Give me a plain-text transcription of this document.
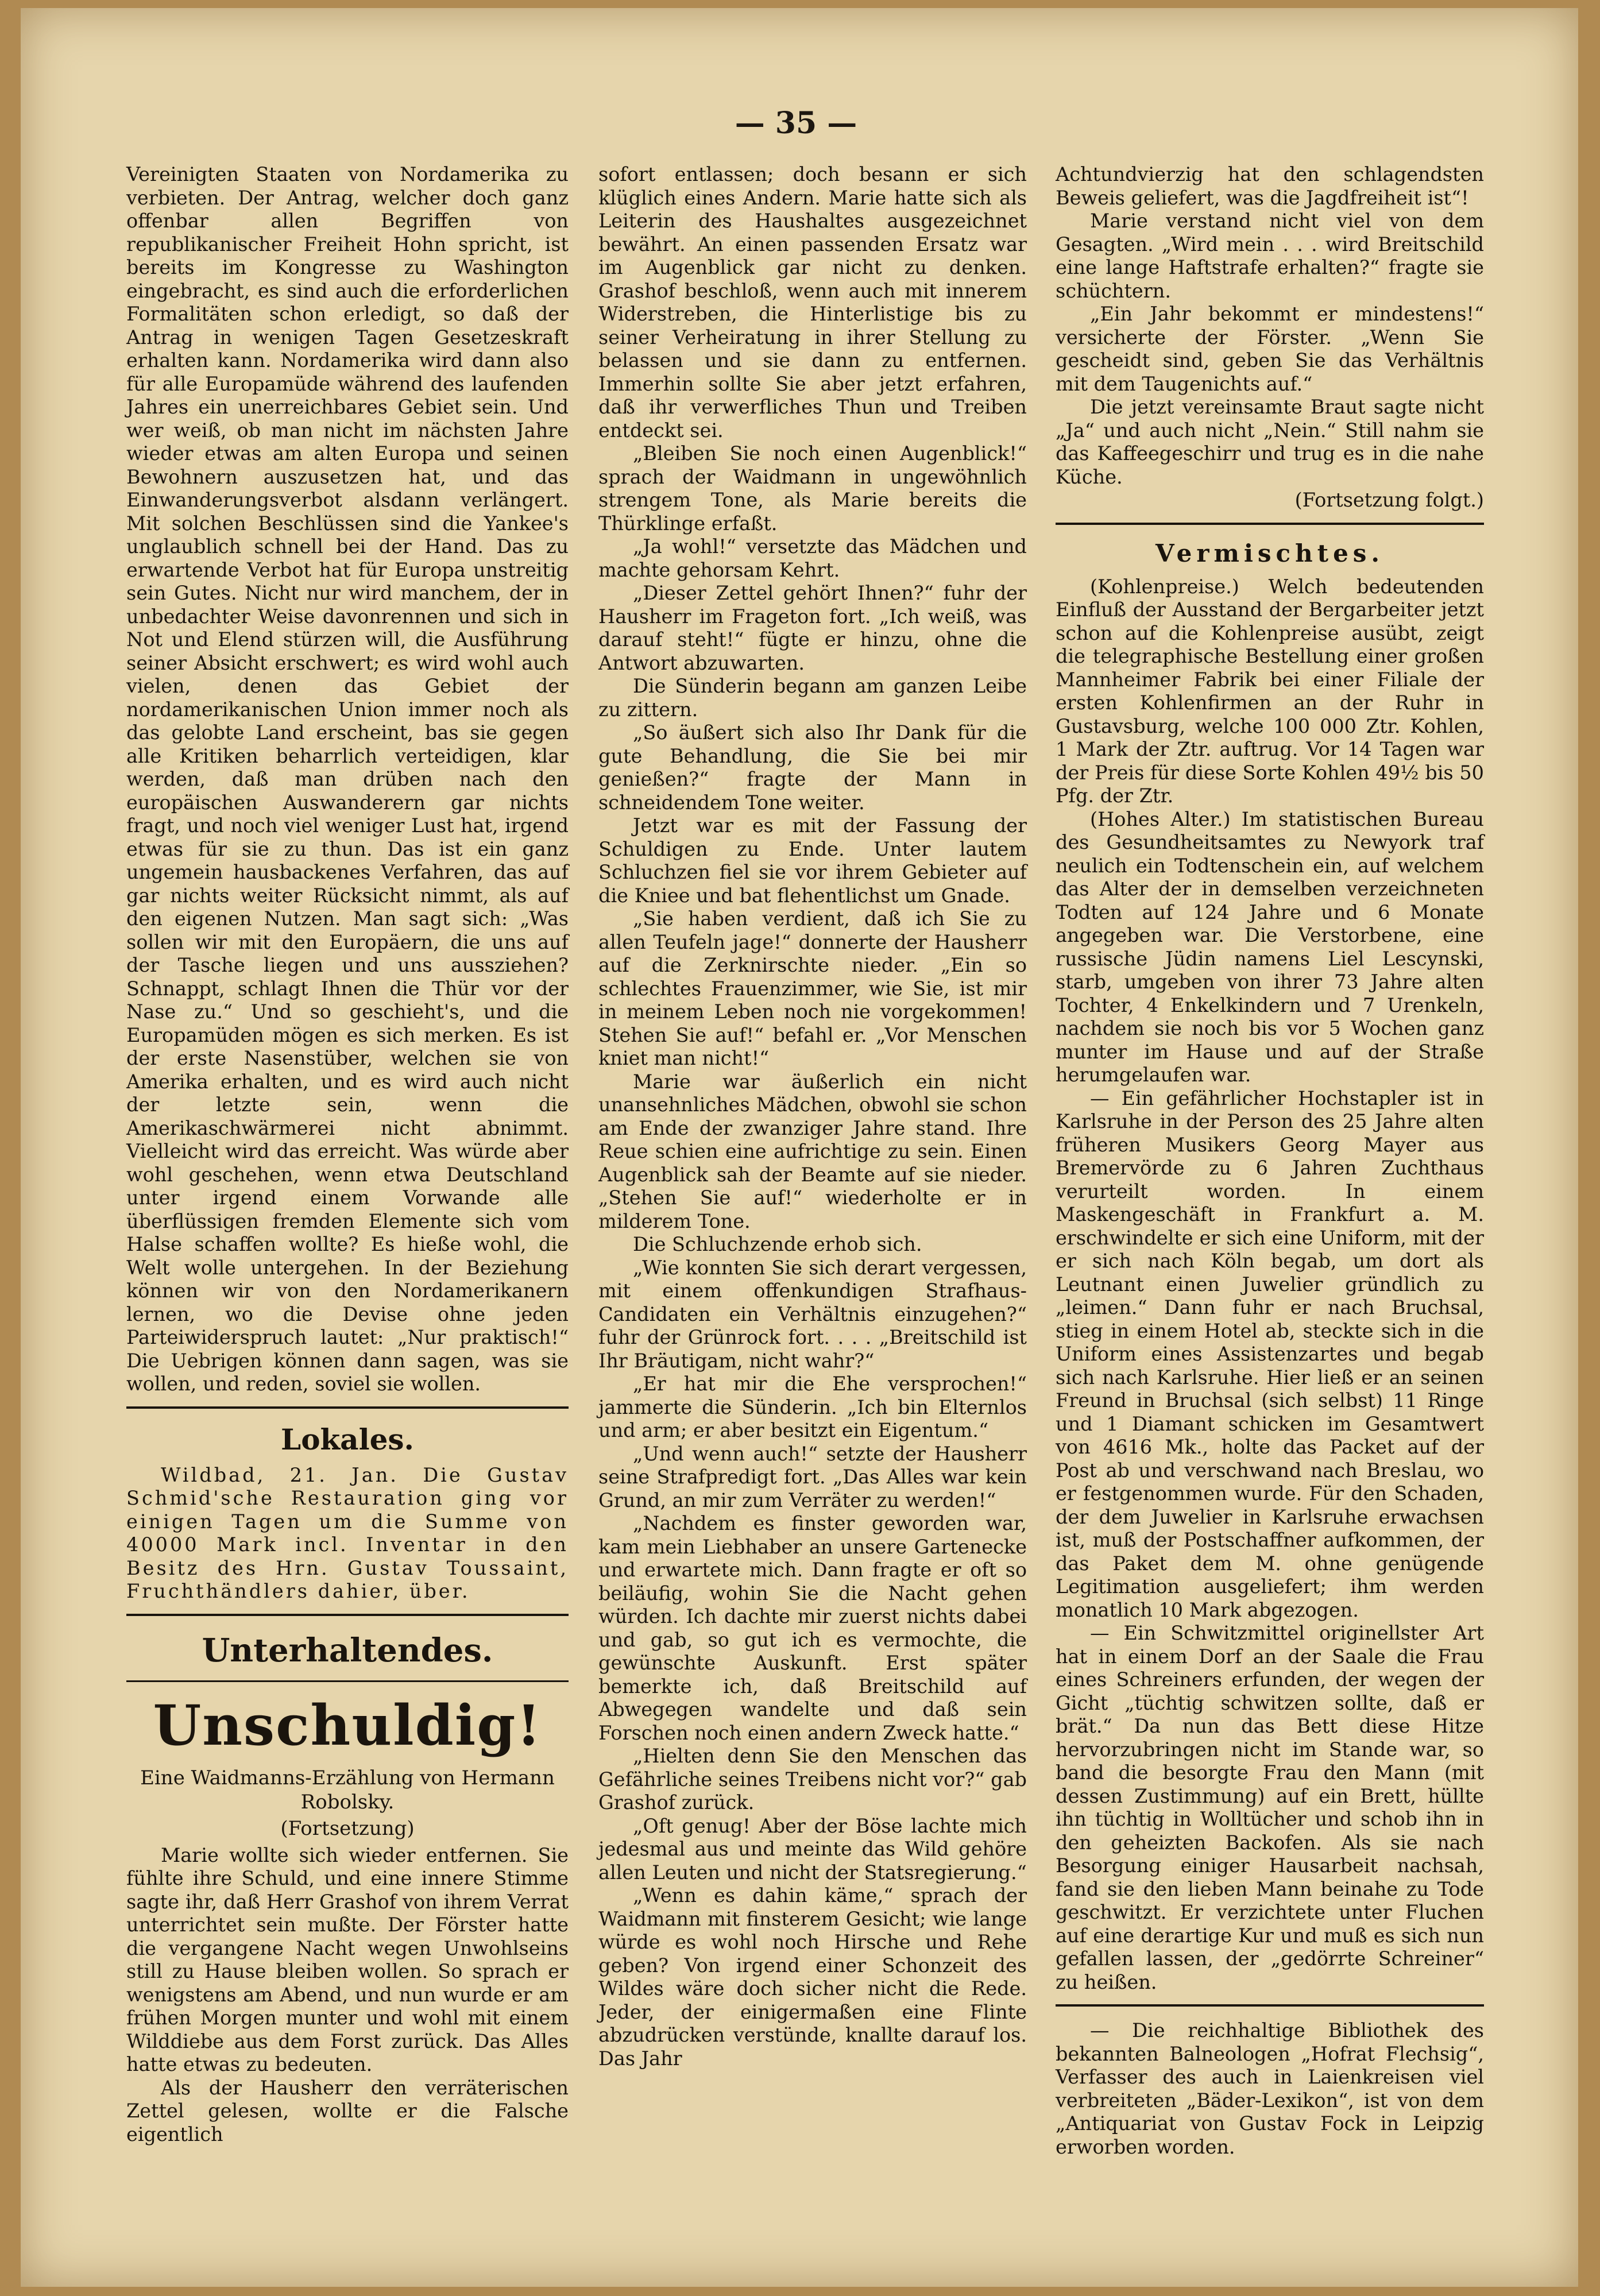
— 35 —

Vereinigten Staaten von Nordamerika zu verbieten. Der Antrag, welcher doch ganz offenbar allen Begriffen von republikanischer Freiheit Hohn spricht, ist bereits im Kongresse zu Washington eingebracht, es sind auch die erforderlichen Formalitäten schon erledigt, so daß der Antrag in wenigen Tagen Gesetzeskraft erhalten kann. Nordamerika wird dann also für alle Europamüde während des laufenden Jahres ein unerreichbares Gebiet sein. Und wer weiß, ob man nicht im nächsten Jahre wieder etwas am alten Europa und seinen Bewohnern auszusetzen hat, und das Einwanderungsverbot alsdann verlängert. Mit solchen Beschlüssen sind die Yankee's unglaublich schnell bei der Hand. Das zu erwartende Verbot hat für Europa unstreitig sein Gutes. Nicht nur wird manchem, der in unbedachter Weise davonrennen und sich in Not und Elend stürzen will, die Ausführung seiner Absicht erschwert; es wird wohl auch vielen, denen das Gebiet der nordamerikanischen Union immer noch als das gelobte Land erscheint, bas sie gegen alle Kritiken beharrlich verteidigen, klar werden, daß man drüben nach den europäischen Auswanderern gar nichts fragt, und noch viel weniger Lust hat, irgend etwas für sie zu thun. Das ist ein ganz ungemein hausbackenes Verfahren, das auf gar nichts weiter Rücksicht nimmt, als auf den eigenen Nutzen. Man sagt sich: „Was sollen wir mit den Europäern, die uns auf der Tasche liegen und uns aussziehen? Schnappt, schlagt Ihnen die Thür vor der Nase zu.“ Und so geschieht's, und die Europamüden mögen es sich merken. Es ist der erste Nasenstüber, welchen sie von Amerika erhalten, und es wird auch nicht der letzte sein, wenn die Amerikaschwärmerei nicht abnimmt. Vielleicht wird das erreicht. Was würde aber wohl geschehen, wenn etwa Deutschland unter irgend einem Vorwande alle überflüssigen fremden Elemente sich vom Halse schaffen wollte? Es hieße wohl, die Welt wolle untergehen. In der Beziehung können wir von den Nordamerikanern lernen, wo die Devise ohne jeden Parteiwiderspruch lautet: „Nur praktisch!“ Die Uebrigen können dann sagen, was sie wollen, und reden, soviel sie wollen.

Lokales.

Wildbad, 21. Jan. Die Gustav Schmid'sche Restauration ging vor einigen Tagen um die Summe von 40000 Mark incl. Inventar in den Besitz des Hrn. Gustav Toussaint, Fruchthändlers dahier, über.

Unterhaltendes.
Unschuldig!
Eine Waidmanns-Erzählung von Hermann Robolsky.
(Fortsetzung)

Marie wollte sich wieder entfernen. Sie fühlte ihre Schuld, und eine innere Stimme sagte ihr, daß Herr Grashof von ihrem Verrat unterrichtet sein mußte. Der Förster hatte die vergangene Nacht wegen Unwohlseins still zu Hause bleiben wollen. So sprach er wenigstens am Abend, und nun wurde er am frühen Morgen munter und wohl mit einem Wilddiebe aus dem Forst zurück. Das Alles hatte etwas zu bedeuten.

Als der Hausherr den verräterischen Zettel gelesen, wollte er die Falsche eigentlich

sofort entlassen; doch besann er sich klüglich eines Andern. Marie hatte sich als Leiterin des Haushaltes ausgezeichnet bewährt. An einen passenden Ersatz war im Augenblick gar nicht zu denken. Grashof beschloß, wenn auch mit innerem Widerstreben, die Hinterlistige bis zu seiner Verheiratung in ihrer Stellung zu belassen und sie dann zu entfernen. Immerhin sollte Sie aber jetzt erfahren, daß ihr verwerfliches Thun und Treiben entdeckt sei.

„Bleiben Sie noch einen Augenblick!“ sprach der Waidmann in ungewöhnlich strengem Tone, als Marie bereits die Thürklinge erfaßt.

„Ja wohl!“ versetzte das Mädchen und machte gehorsam Kehrt.

„Dieser Zettel gehört Ihnen?“ fuhr der Hausherr im Frageton fort. „Ich weiß, was darauf steht!“ fügte er hinzu, ohne die Antwort abzuwarten.

Die Sünderin begann am ganzen Leibe zu zittern.

„So äußert sich also Ihr Dank für die gute Behandlung, die Sie bei mir genießen?“ fragte der Mann in schneidendem Tone weiter.

Jetzt war es mit der Fassung der Schuldigen zu Ende. Unter lautem Schluchzen fiel sie vor ihrem Gebieter auf die Kniee und bat flehentlichst um Gnade.

„Sie haben verdient, daß ich Sie zu allen Teufeln jage!“ donnerte der Hausherr auf die Zerknirschte nieder. „Ein so schlechtes Frauenzimmer, wie Sie, ist mir in meinem Leben noch nie vorgekommen! Stehen Sie auf!“ befahl er. „Vor Menschen kniet man nicht!“

Marie war äußerlich ein nicht unansehnliches Mädchen, obwohl sie schon am Ende der zwanziger Jahre stand. Ihre Reue schien eine aufrichtige zu sein. Einen Augenblick sah der Beamte auf sie nieder. „Stehen Sie auf!“ wiederholte er in milderem Tone.

Die Schluchzende erhob sich.

„Wie konnten Sie sich derart vergessen, mit einem offenkundigen Strafhaus-Candidaten ein Verhältnis einzugehen?“ fuhr der Grünrock fort. . . . „Breitschild ist Ihr Bräutigam, nicht wahr?“

„Er hat mir die Ehe versprochen!“ jammerte die Sünderin. „Ich bin Elternlos und arm; er aber besitzt ein Eigentum.“

„Und wenn auch!“ setzte der Hausherr seine Strafpredigt fort. „Das Alles war kein Grund, an mir zum Verräter zu werden!“

„Nachdem es finster geworden war, kam mein Liebhaber an unsere Gartenecke und erwartete mich. Dann fragte er oft so beiläufig, wohin Sie die Nacht gehen würden. Ich dachte mir zuerst nichts dabei und gab, so gut ich es vermochte, die gewünschte Auskunft. Erst später bemerkte ich, daß Breitschild auf Abwegegen wandelte und daß sein Forschen noch einen andern Zweck hatte.“

„Hielten denn Sie den Menschen das Gefährliche seines Treibens nicht vor?“ gab Grashof zurück.

„Oft genug! Aber der Böse lachte mich jedesmal aus und meinte das Wild gehöre allen Leuten und nicht der Statsregierung.“

„Wenn es dahin käme,“ sprach der Waidmann mit finsterem Gesicht; wie lange würde es wohl noch Hirsche und Rehe geben? Von irgend einer Schonzeit des Wildes wäre doch sicher nicht die Rede. Jeder, der einigermaßen eine Flinte abzudrücken verstünde, knallte darauf los. Das Jahr

Achtundvierzig hat den schlagendsten Beweis geliefert, was die Jagdfreiheit ist“!

Marie verstand nicht viel von dem Gesagten. „Wird mein . . . wird Breitschild eine lange Haftstrafe erhalten?“ fragte sie schüchtern.

„Ein Jahr bekommt er mindestens!“ versicherte der Förster. „Wenn Sie gescheidt sind, geben Sie das Verhältnis mit dem Taugenichts auf.“

Die jetzt vereinsamte Braut sagte nicht „Ja“ und auch nicht „Nein.“ Still nahm sie das Kaffeegeschirr und trug es in die nahe Küche.

(Fortsetzung folgt.)

Vermischtes.

(Kohlenpreise.) Welch bedeutenden Einfluß der Ausstand der Bergarbeiter jetzt schon auf die Kohlenpreise ausübt, zeigt die telegraphische Bestellung einer großen Mannheimer Fabrik bei einer Filiale der ersten Kohlenfirmen an der Ruhr in Gustavsburg, welche 100 000 Ztr. Kohlen, 1 Mark der Ztr. auftrug. Vor 14 Tagen war der Preis für diese Sorte Kohlen 49½ bis 50 Pfg. der Ztr.

(Hohes Alter.) Im statistischen Bureau des Gesundheitsamtes zu Newyork traf neulich ein Todtenschein ein, auf welchem das Alter der in demselben verzeichneten Todten auf 124 Jahre und 6 Monate angegeben war. Die Verstorbene, eine russische Jüdin namens Liel Lescynski, starb, umgeben von ihrer 73 Jahre alten Tochter, 4 Enkelkindern und 7 Urenkeln, nachdem sie noch bis vor 5 Wochen ganz munter im Hause und auf der Straße herumgelaufen war.

— Ein gefährlicher Hochstapler ist in Karlsruhe in der Person des 25 Jahre alten früheren Musikers Georg Mayer aus Bremervörde zu 6 Jahren Zuchthaus verurteilt worden. In einem Maskengeschäft in Frankfurt a. M. erschwindelte er sich eine Uniform, mit der er sich nach Köln begab, um dort als Leutnant einen Juwelier gründlich zu „leimen.“ Dann fuhr er nach Bruchsal, stieg in einem Hotel ab, steckte sich in die Uniform eines Assistenzartes und begab sich nach Karlsruhe. Hier ließ er an seinen Freund in Bruchsal (sich selbst) 11 Ringe und 1 Diamant schicken im Gesamtwert von 4616 Mk., holte das Packet auf der Post ab und verschwand nach Breslau, wo er festgenommen wurde. Für den Schaden, der dem Juwelier in Karlsruhe erwachsen ist, muß der Postschaffner aufkommen, der das Paket dem M. ohne genügende Legitimation ausgeliefert; ihm werden monatlich 10 Mark abgezogen.

— Ein Schwitzmittel originellster Art hat in einem Dorf an der Saale die Frau eines Schreiners erfunden, der wegen der Gicht „tüchtig schwitzen sollte, daß er brät.“ Da nun das Bett diese Hitze hervorzubringen nicht im Stande war, so band die besorgte Frau den Mann (mit dessen Zustimmung) auf ein Brett, hüllte ihn tüchtig in Wolltücher und schob ihn in den geheizten Backofen. Als sie nach Besorgung einiger Hausarbeit nachsah, fand sie den lieben Mann beinahe zu Tode geschwitzt. Er verzichtete unter Fluchen auf eine derartige Kur und muß es sich nun gefallen lassen, der „gedörrte Schreiner“ zu heißen.

— Die reichhaltige Bibliothek des bekannten Balneologen „Hofrat Flechsig“, Verfasser des auch in Laienkreisen viel verbreiteten „Bäder-Lexikon“, ist von dem „Antiquariat von Gustav Fock in Leipzig erworben worden.
